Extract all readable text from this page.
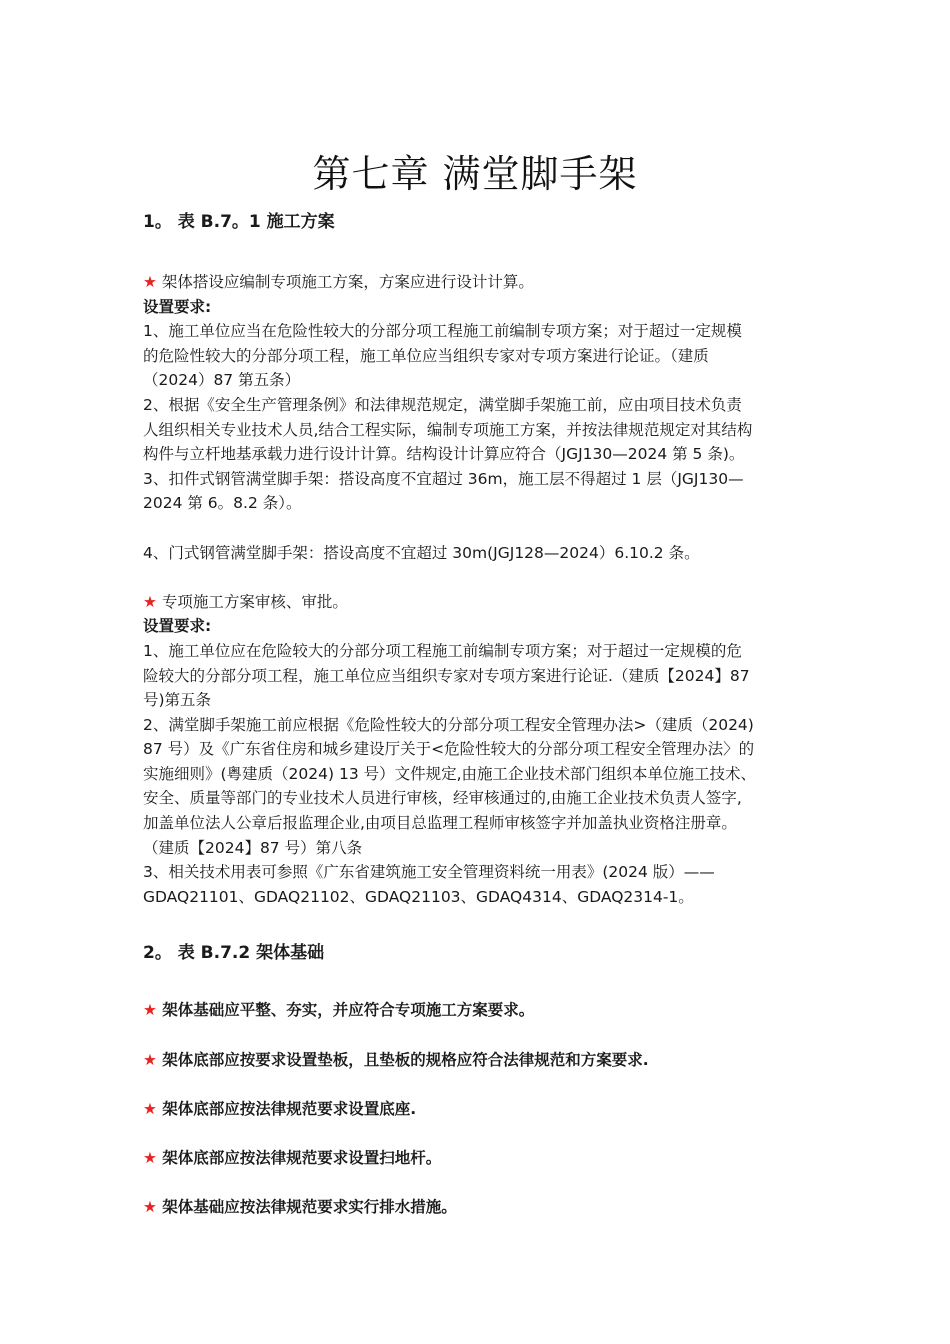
第七章 满堂脚手架
1。 表 B.7。1 施工方案

★ 架体搭设应编制专项施工方案，方案应进行设计计算。

设置要求:

1、施工单位应当在危险性较大的分部分项工程施工前编制专项方案；对于超过一定规模

的危险性较大的分部分项工程，施工单位应当组织专家对专项方案进行论证。（建质

（2024）87 第五条）

2、根据《安全生产管理条例》和法律规范规定，满堂脚手架施工前，应由项目技术负责

人组织相关专业技术人员,结合工程实际，编制专项施工方案，并按法律规范规定对其结构

构件与立杆地基承载力进行设计计算。结构设计计算应符合（JGJ130—2024 第 5 条)。

3、扣件式钢管满堂脚手架：搭设高度不宜超过 36m，施工层不得超过 1 层（JGJ130—

2024 第 6。8.2 条）。

4、门式钢管满堂脚手架：搭设高度不宜超过 30m(JGJ128—2024）6.10.2 条。

★ 专项施工方案审核、审批。

设置要求:

1、施工单位应在危险较大的分部分项工程施工前编制专项方案；对于超过一定规模的危

险较大的分部分项工程，施工单位应当组织专家对专项方案进行论证.（建质【2024】87

号)第五条

2、满堂脚手架施工前应根据《危险性较大的分部分项工程安全管理办法>（建质（2024)

87 号）及《广东省住房和城乡建设厅关于<危险性较大的分部分项工程安全管理办法〉的

实施细则》(粤建质（2024) 13 号）文件规定,由施工企业技术部门组织本单位施工技术、

安全、质量等部门的专业技术人员进行审核，经审核通过的,由施工企业技术负责人签字,

加盖单位法人公章后报监理企业,由项目总监理工程师审核签字并加盖执业资格注册章。

（建质【2024】87 号）第八条

3、相关技术用表可参照《广东省建筑施工安全管理资料统一用表》(2024 版）——

GDAQ21101、GDAQ21102、GDAQ21103、GDAQ4314、GDAQ2314-1。

2。 表 B.7.2 架体基础

★ 架体基础应平整、夯实，并应符合专项施工方案要求。

★ 架体底部应按要求设置垫板，且垫板的规格应符合法律规范和方案要求.

★ 架体底部应按法律规范要求设置底座.

★ 架体底部应按法律规范要求设置扫地杆。

★ 架体基础应按法律规范要求实行排水措施。
